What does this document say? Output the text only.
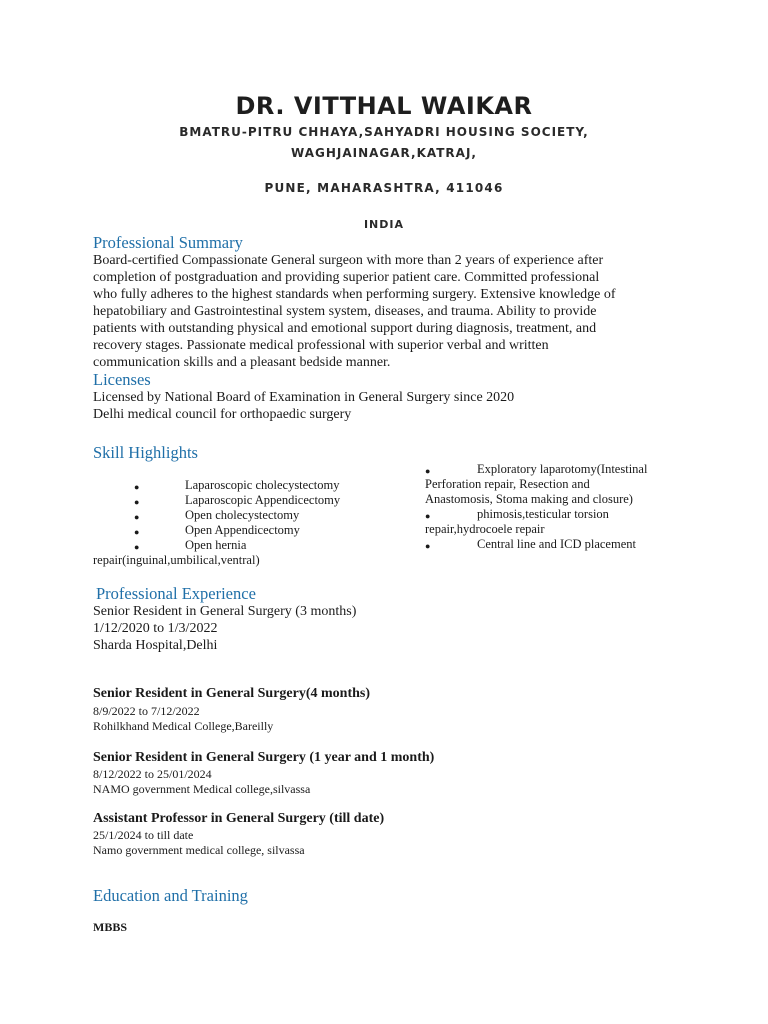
DR. VITTHAL WAIKAR
BMATRU-PITRU CHHAYA,SAHYADRI HOUSING SOCIETY,
WAGHJAINAGAR,KATRAJ,
PUNE, MAHARASHTRA, 411046
INDIA
Professional Summary
Board-certified Compassionate General surgeon with more than 2 years of experience after
completion of postgraduation and providing superior patient care. Committed professional
who fully adheres to the highest standards when performing surgery. Extensive knowledge of
hepatobiliary and Gastrointestinal system system, diseases, and trauma. Ability to provide
patients with outstanding physical and emotional support during diagnosis, treatment, and
recovery stages. Passionate medical professional with superior verbal and written
communication skills and a pleasant bedside manner.
Licenses
Licensed by National Board of Examination in General Surgery since 2020
Delhi medical council for orthopaedic surgery
Skill Highlights
●	Laparoscopic cholecystectomy
●	Laparoscopic Appendicectomy
●	Open cholecystectomy
●	Open Appendicectomy
●	Open hernia
repair(inguinal,umbilical,ventral)
●	Exploratory laparotomy(Intestinal
Perforation repair, Resection and
Anastomosis, Stoma making and closure)
●	phimosis,testicular torsion
repair,hydrocoele repair
●	Central line and ICD placement
Professional Experience
Senior Resident in General Surgery (3 months)
1/12/2020 to 1/3/2022
Sharda Hospital,Delhi
Senior Resident in General Surgery(4 months)
8/9/2022 to 7/12/2022
Rohilkhand Medical College,Bareilly
Senior Resident in General Surgery (1 year and 1 month)
8/12/2022 to 25/01/2024
NAMO government Medical college,silvassa
Assistant Professor in General Surgery (till date)
25/1/2024 to till date
Namo government medical college, silvassa
Education and Training
MBBS
